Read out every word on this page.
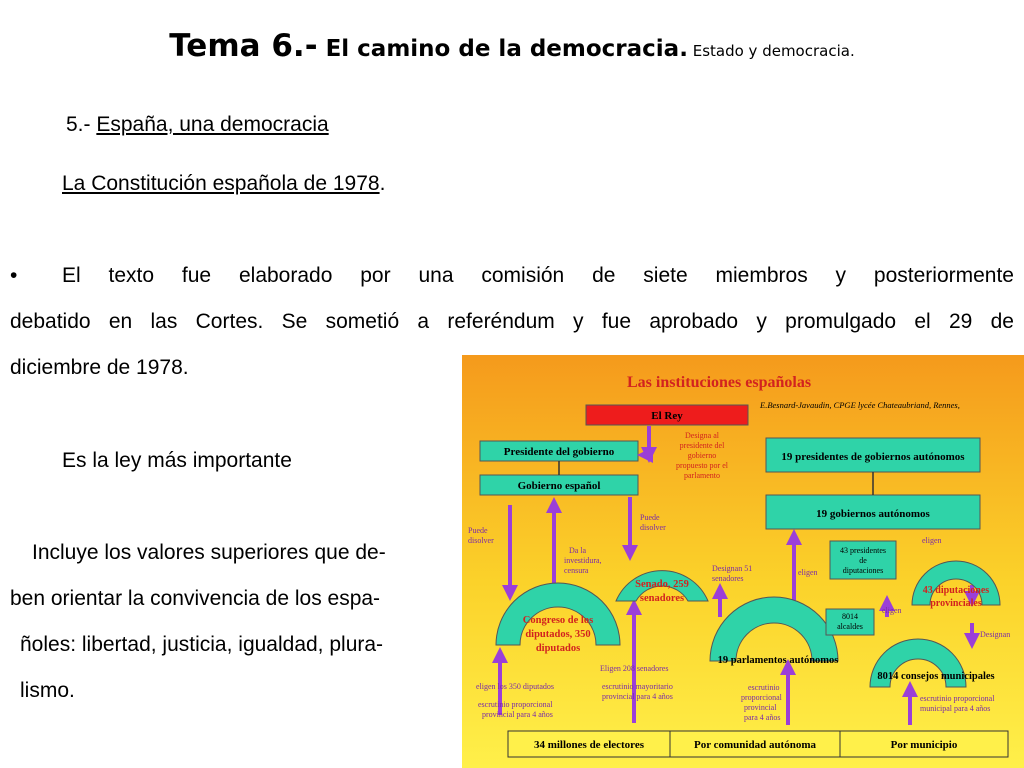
Tema 6.- El camino de la democracia. Estado y democracia.
5.- España, una democracia
La Constitución española de 1978.
• El texto fue elaborado por una comisión de siete miembros y posteriormente
debatido en las Cortes. Se sometió a referéndum y fue aprobado y promulgado el 29 de
diciembre de 1978.
Es la ley más importante
Incluye los valores superiores que de-
ben orientar la convivencia de los espa-
ñoles: libertad, justicia, igualdad, plura-
lismo.
Las instituciones españolas
E.Besnard-Javaudin, CPGE lycée Chateaubriand, Rennes,
El Rey
Presidente del gobierno
Gobierno español
Designa al
presidente del
gobierno
propuesto por el
parlamento
19 presidentes de gobiernos autónomos
19 gobiernos autónomos
Puede
disolver
Puede
disolver
Da la
investidura,
censura	Designan 51
senadores
eligen
eligen
eligen
Designan
eligen los 350 diputados
escrutinio proporcional
provincial para 4 años
Eligen 208 senadores
escrutinio mayoritario
provincial para 4 años
escrutinio
proporcional
provincial
para 4 años
escrutinio proporcional
municipal para 4 años
Congreso de los
diputados, 350
diputados
Senado, 259
senadores
19 parlamentos autónomos
8014 consejos municipales
43 diputaciones
provinciales
43 presidentes
de
diputaciones
8014
alcaldes
34 millones de electores	Por comunidad autónoma	Por municipio
